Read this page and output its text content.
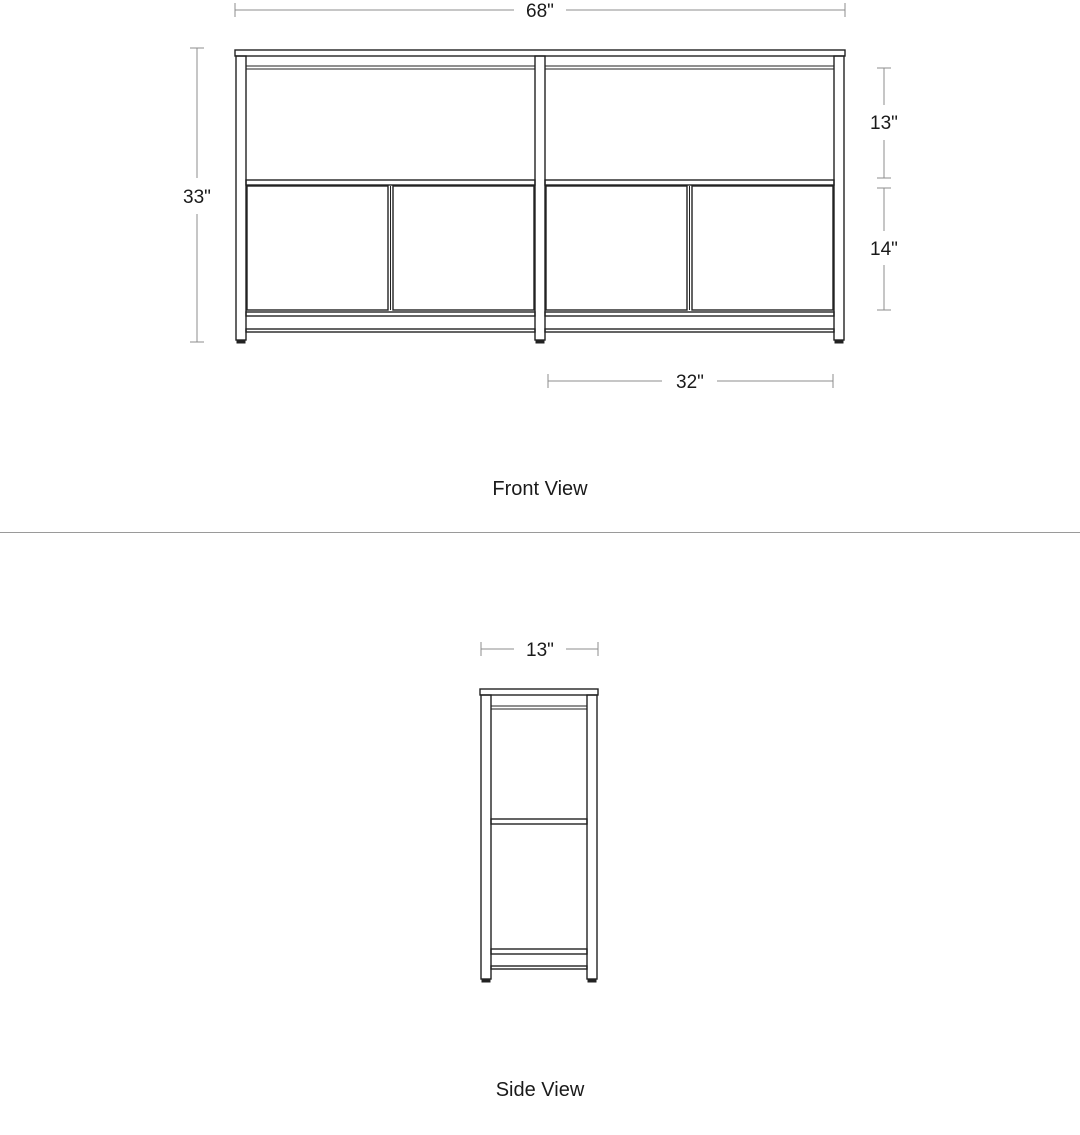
68"
33"
13"
14"
32"
Front View
13"
Side View
